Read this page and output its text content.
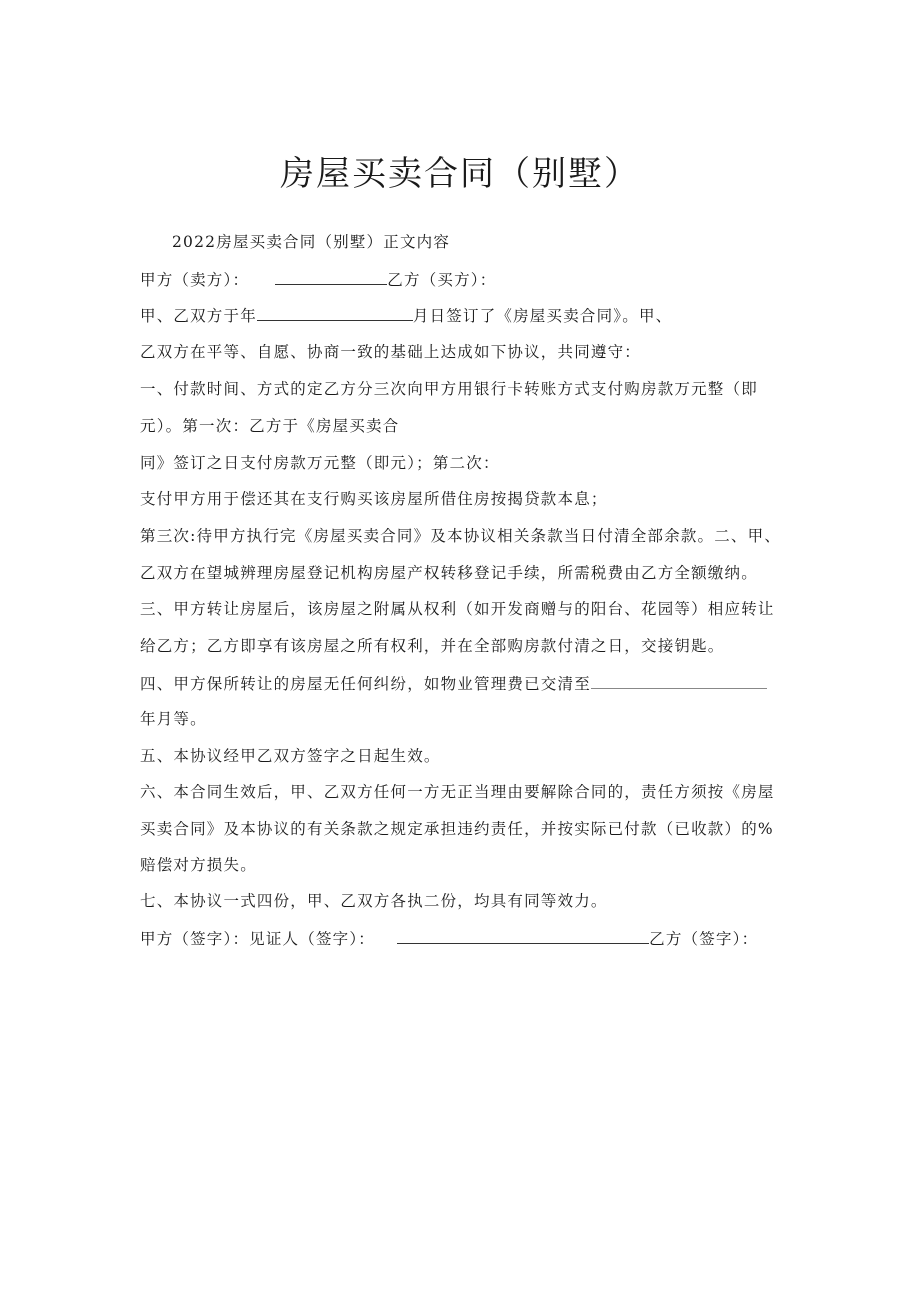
房屋买卖合同（别墅）
2022房屋买卖合同（别墅）正文内容
甲方（卖方）：	乙方（买方）：
甲、乙双方于年	月日签订了《房屋买卖合同》。甲、
乙双方在平等、自愿、协商一致的基础上达成如下协议，共同遵守：
一、付款时间、方式的定乙方分三次向甲方用银行卡转账方式支付购房款万元整（即
元）。第一次：乙方于《房屋买卖合
同》签订之日支付房款万元整（即元）；第二次：
支付甲方用于偿还其在支行购买该房屋所借住房按揭贷款本息；
第三次:待甲方执行完《房屋买卖合同》及本协议相关条款当日付清全部余款。二、甲、
乙双方在望城辨理房屋登记机构房屋产权转移登记手续，所需税费由乙方全额缴纳。
三、甲方转让房屋后，该房屋之附属从权利（如开发商赠与的阳台、花园等）相应转让
给乙方；乙方即享有该房屋之所有权利，并在全部购房款付清之日，交接钥匙。
四、甲方保所转让的房屋无任何纠纷，如物业管理费已交清至
年月等。
五、本协议经甲乙双方签字之日起生效。
六、本合同生效后，甲、乙双方任何一方无正当理由要解除合同的，责任方须按《房屋
买卖合同》及本协议的有关条款之规定承担违约责任，并按实际已付款（已收款）的%
赔偿对方损失。
七、本协议一式四份，甲、乙双方各执二份，均具有同等效力。
甲方（签字）：见证人（签字）：	乙方（签字）：
